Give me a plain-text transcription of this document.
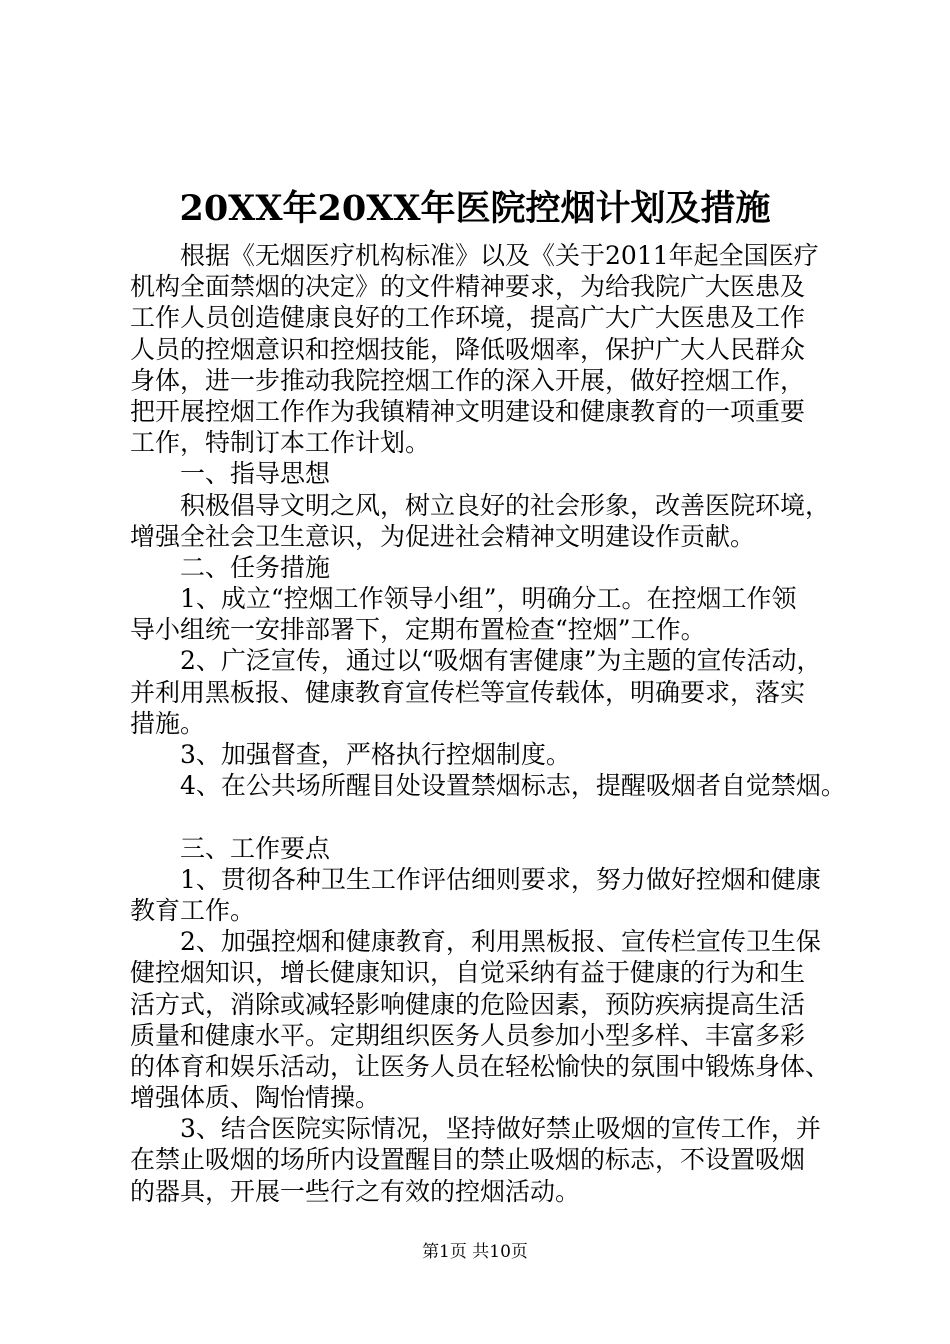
20XX年20XX年医院控烟计划及措施
根据《无烟医疗机构标准》以及《关于2011年起全国医疗
机构全面禁烟的决定》的文件精神要求，为给我院广大医患及
工作人员创造健康良好的工作环境，提高广大广大医患及工作
人员的控烟意识和控烟技能，降低吸烟率，保护广大人民群众
身体，进一步推动我院控烟工作的深入开展，做好控烟工作，
把开展控烟工作作为我镇精神文明建设和健康教育的一项重要
工作，特制订本工作计划。
一、指导思想
积极倡导文明之风，树立良好的社会形象，改善医院环境，
增强全社会卫生意识，为促进社会精神文明建设作贡献。
二、任务措施
1、成立“控烟工作领导小组”，明确分工。在控烟工作领
导小组统一安排部署下，定期布置检查“控烟”工作。
2、广泛宣传，通过以“吸烟有害健康”为主题的宣传活动，
并利用黑板报、健康教育宣传栏等宣传载体，明确要求，落实
措施。
3、加强督查，严格执行控烟制度。
4、在公共场所醒目处设置禁烟标志，提醒吸烟者自觉禁烟。
三、工作要点
1、贯彻各种卫生工作评估细则要求，努力做好控烟和健康
教育工作。
2、加强控烟和健康教育，利用黑板报、宣传栏宣传卫生保
健控烟知识，增长健康知识，自觉采纳有益于健康的行为和生
活方式，消除或减轻影响健康的危险因素，预防疾病提高生活
质量和健康水平。定期组织医务人员参加小型多样、丰富多彩
的体育和娱乐活动，让医务人员在轻松愉快的氛围中锻炼身体、
增强体质、陶怡情操。
3、结合医院实际情况，坚持做好禁止吸烟的宣传工作，并
在禁止吸烟的场所内设置醒目的禁止吸烟的标志，不设置吸烟
的器具，开展一些行之有效的控烟活动。
第1页 共10页
